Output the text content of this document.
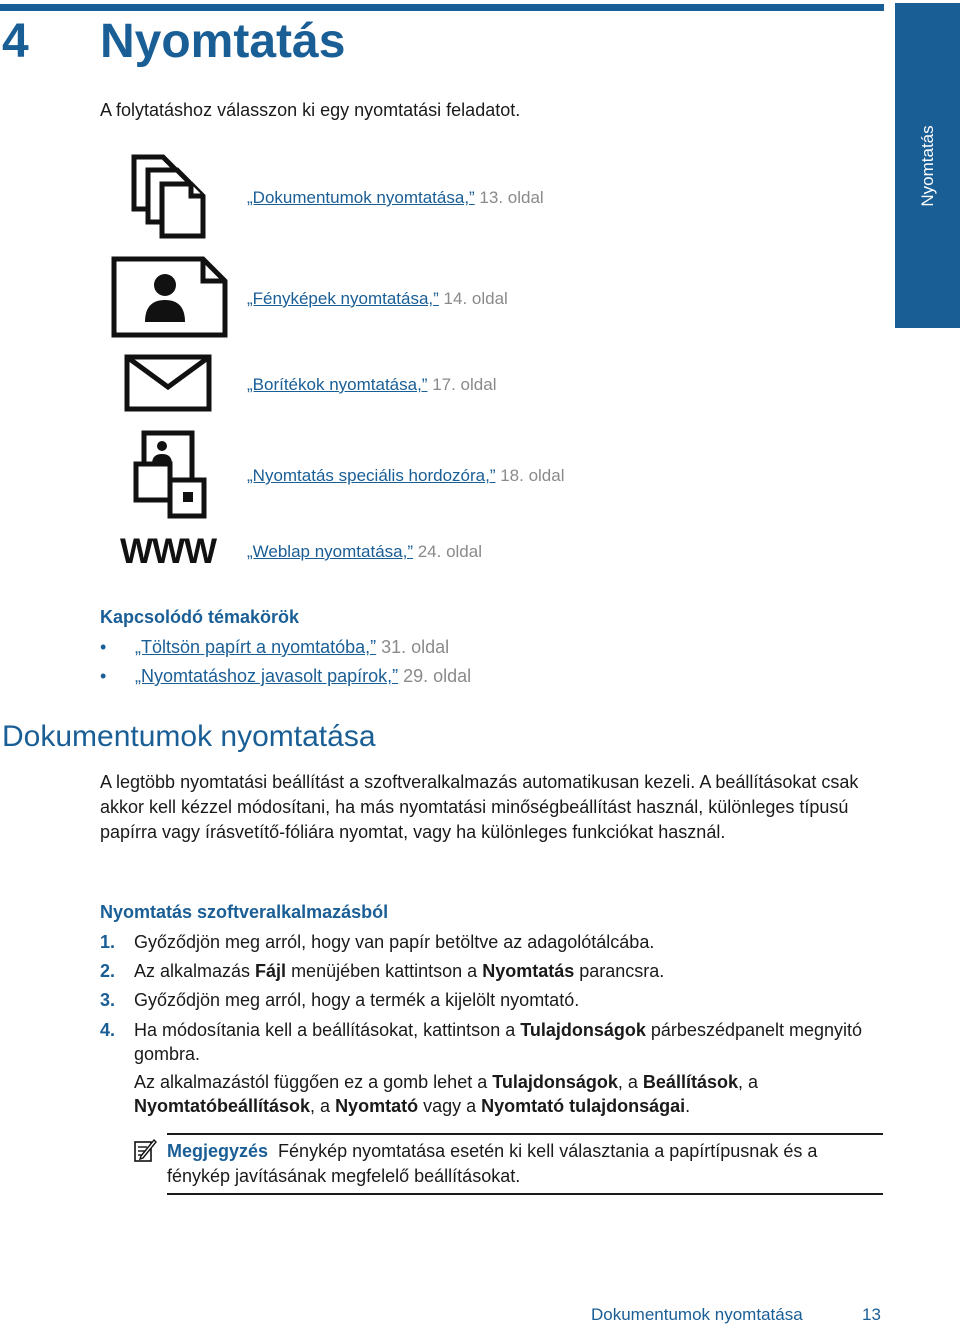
Nyomtatás
4 Nyomtatás
A folytatáshoz válasszon ki egy nyomtatási feladatot.
WWW
„Dokumentumok nyomtatása,” 13. oldal
„Fényképek nyomtatása,” 14. oldal
„Borítékok nyomtatása,” 17. oldal
„Nyomtatás speciális hordozóra,” 18. oldal
„Weblap nyomtatása,” 24. oldal
Kapcsolódó témakörök
• „Töltsön papírt a nyomtatóba,” 31. oldal
• „Nyomtatáshoz javasolt papírok,” 29. oldal
Dokumentumok nyomtatása

A legtöbb nyomtatási beállítást a szoftveralkalmazás automatikusan kezeli. A beállításokat csak akkor kell kézzel módosítani, ha más nyomtatási minőségbeállítást használ, különleges típusú papírra vagy írásvetítő-fóliára nyomtat, vagy ha különleges funkciókat használ.

Nyomtatás szoftveralkalmazásból
1. Győződjön meg arról, hogy van papír betöltve az adagolótálcába.
2. Az alkalmazás Fájl menüjében kattintson a Nyomtatás parancsra.
3. Győződjön meg arról, hogy a termék a kijelölt nyomtató.
4. Ha módosítania kell a beállításokat, kattintson a Tulajdonságok párbeszédpanelt megnyitó gombra.
Az alkalmazástól függően ez a gomb lehet a Tulajdonságok, a Beállítások, a Nyomtatóbeállítások, a Nyomtató vagy a Nyomtató tulajdonságai.
Megjegyzés Fénykép nyomtatása esetén ki kell választania a papírtípusnak és a fénykép javításának megfelelő beállításokat.
Dokumentumok nyomtatása	13
